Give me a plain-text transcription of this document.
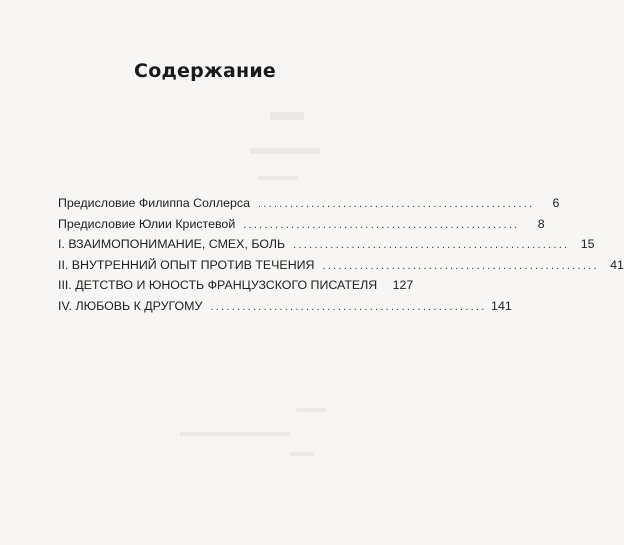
Содержание
Предисловие Филиппа Соллерса . . .	6
Предисловие Юлии Кристевой . . .	8
I. ВЗАИМОПОНИМАНИЕ, СМЕХ, БОЛЬ . . .	15
II. ВНУТРЕННИЙ ОПЫТ ПРОТИВ ТЕЧЕНИЯ . . .	41
III. ДЕТСТВО И ЮНОСТЬ ФРАНЦУЗСКОГО ПИСАТЕЛЯ 127
IV. ЛЮБОВЬ К ДРУГОМУ . . .	141
